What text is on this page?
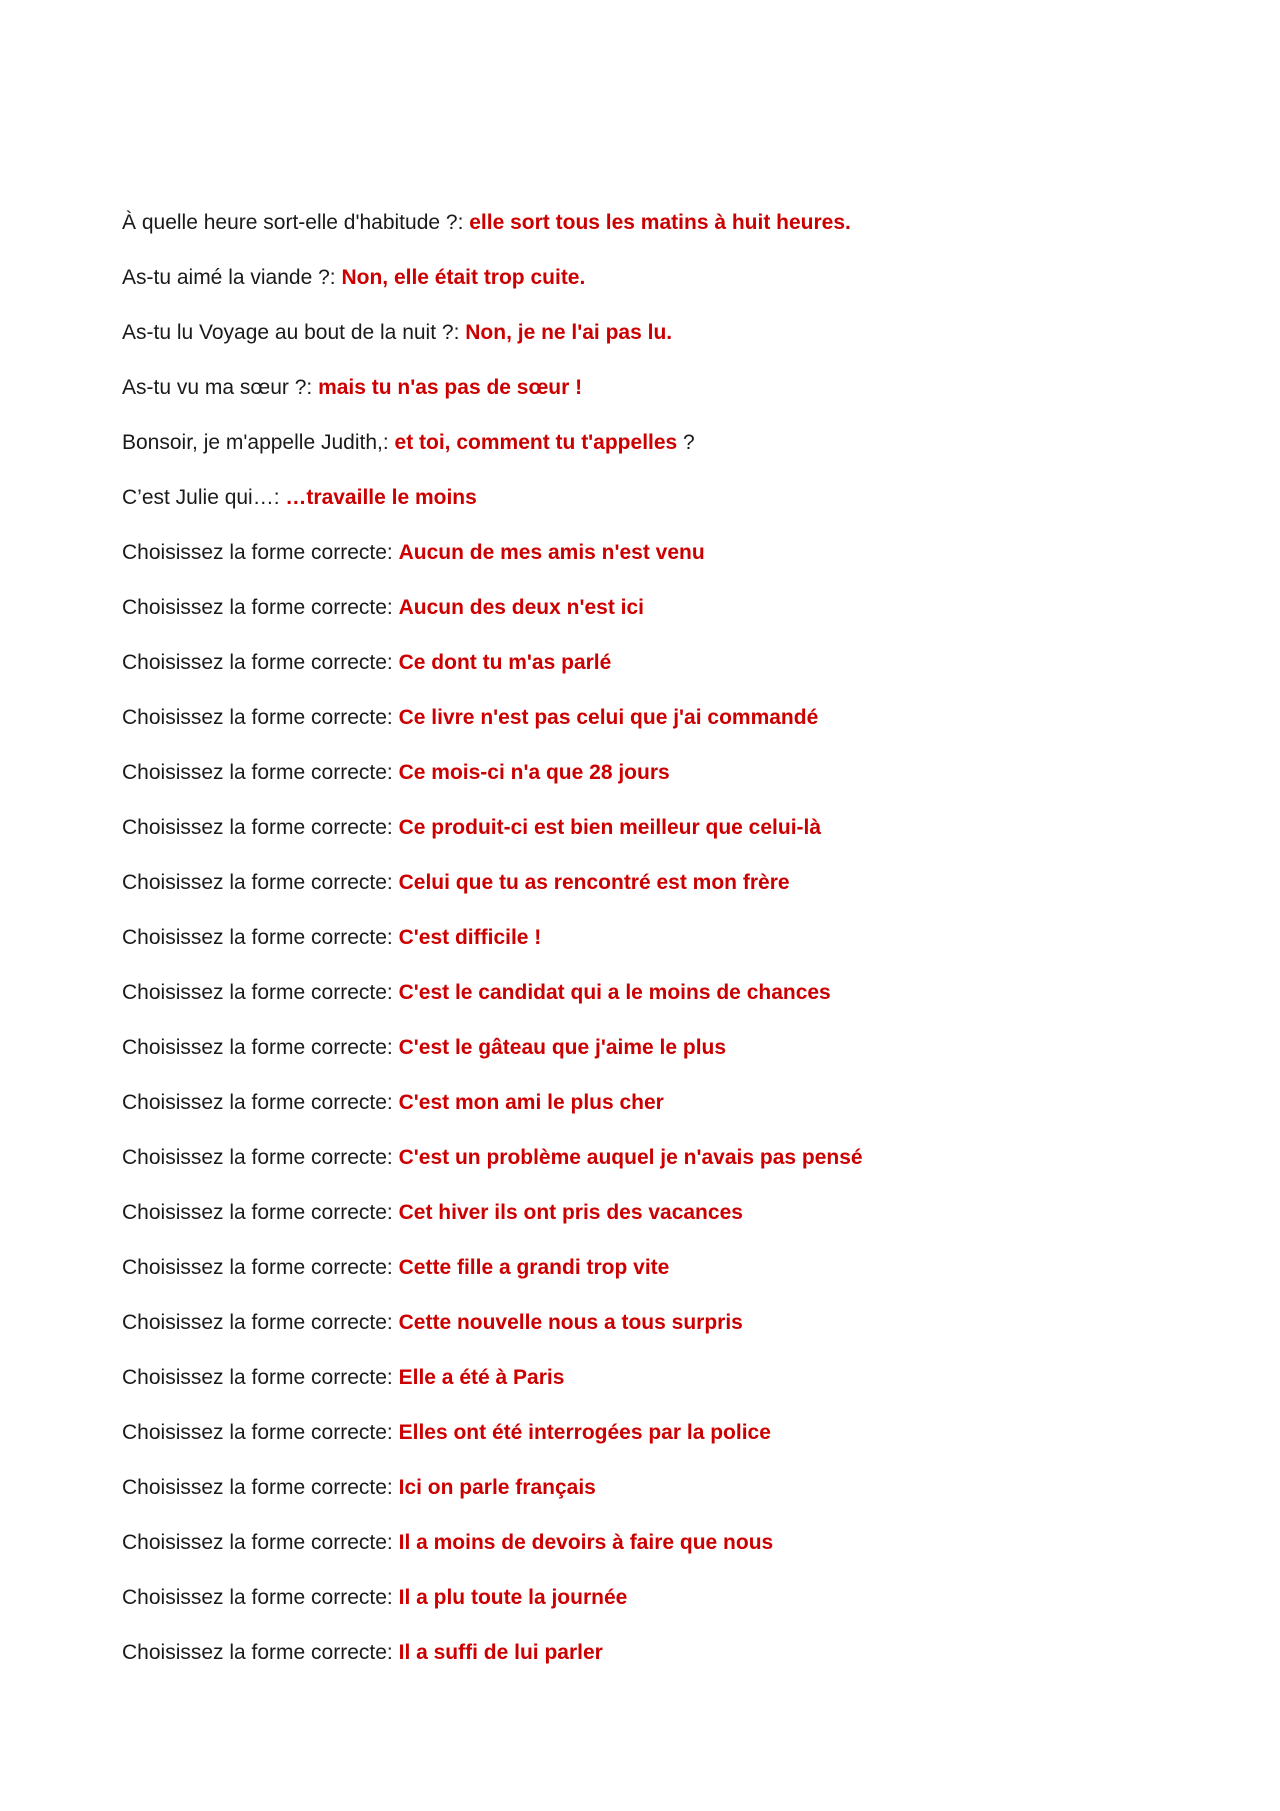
À quelle heure sort-elle d'habitude ?: elle sort tous les matins à huit heures.
As-tu aimé la viande ?: Non, elle était trop cuite.
As-tu lu Voyage au bout de la nuit ?: Non, je ne l'ai pas lu.
As-tu vu ma sœur ?: mais tu n'as pas de sœur !
Bonsoir, je m'appelle Judith,: et toi, comment tu t'appelles ?
C’est Julie qui…: …travaille le moins
Choisissez la forme correcte: Aucun de mes amis n'est venu
Choisissez la forme correcte: Aucun des deux n'est ici
Choisissez la forme correcte: Ce dont tu m'as parlé
Choisissez la forme correcte: Ce livre n'est pas celui que j'ai commandé
Choisissez la forme correcte: Ce mois-ci n'a que 28 jours
Choisissez la forme correcte: Ce produit-ci est bien meilleur que celui-là
Choisissez la forme correcte: Celui que tu as rencontré est mon frère
Choisissez la forme correcte: C'est difficile !
Choisissez la forme correcte: C'est le candidat qui a le moins de chances
Choisissez la forme correcte: C'est le gâteau que j'aime le plus
Choisissez la forme correcte: C'est mon ami le plus cher
Choisissez la forme correcte: C'est un problème auquel je n'avais pas pensé
Choisissez la forme correcte: Cet hiver ils ont pris des vacances
Choisissez la forme correcte: Cette fille a grandi trop vite
Choisissez la forme correcte: Cette nouvelle nous a tous surpris
Choisissez la forme correcte: Elle a été à Paris
Choisissez la forme correcte: Elles ont été interrogées par la police
Choisissez la forme correcte: Ici on parle français
Choisissez la forme correcte: Il a moins de devoirs à faire que nous
Choisissez la forme correcte: Il a plu toute la journée
Choisissez la forme correcte: Il a suffi de lui parler
